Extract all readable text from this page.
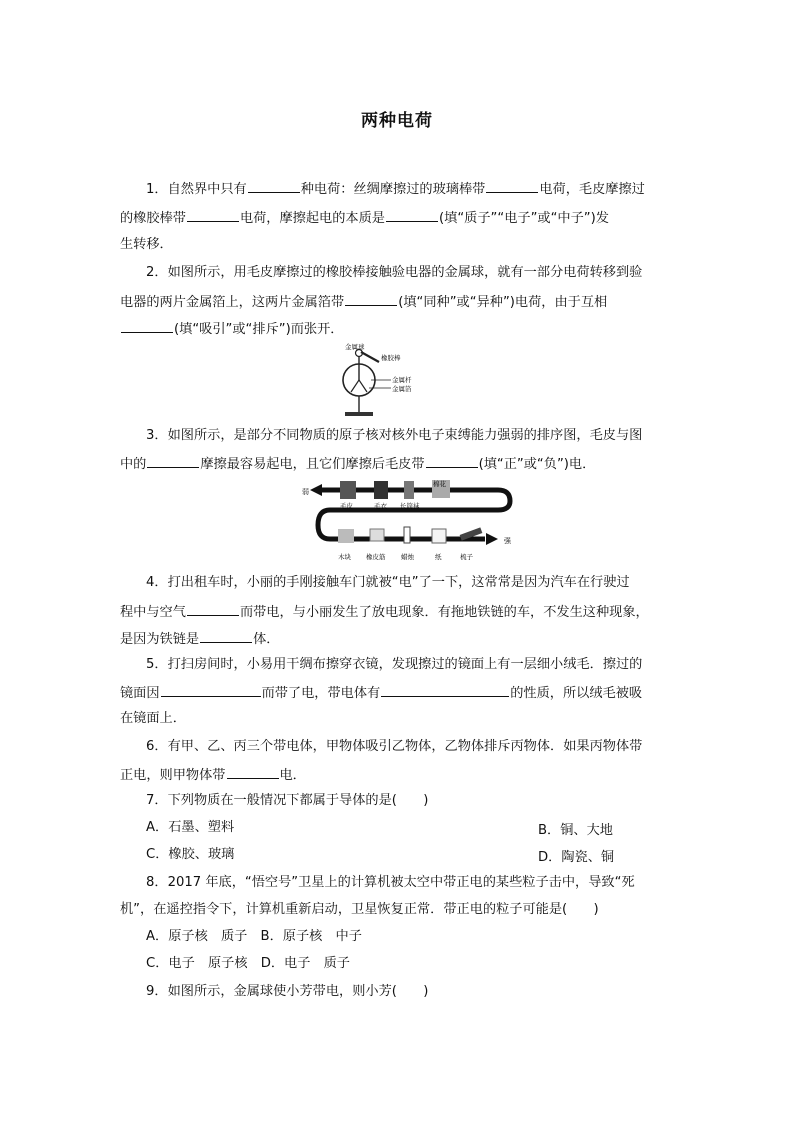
两种电荷
1．自然界中只有	种电荷：丝绸摩擦过的玻璃棒带	电荷，毛皮摩擦过
的橡胶棒带	电荷，摩擦起电的本质是	(填“质子”“电子”或“中子”)发
生转移．
2．如图所示，用毛皮摩擦过的橡胶棒接触验电器的金属球，就有一部分电荷转移到验
电器的两片金属箔上，这两片金属箔带	(填“同种”或“异种”)电荷，由于互相
(填“吸引”或“排斥”)而张开．
金属球
橡胶棒
金属杆
金属箔
3．如图所示，是部分不同物质的原子核对核外电子束缚能力强弱的排序图，毛皮与图
中的	摩擦最容易起电，且它们摩擦后毛皮带	(填“正”或“负”)电．
弱
强
毛皮	毛衣 长筒袜
棉花
木块 橡皮筋 蜡烛	纸	梳子
4．打出租车时，小丽的手刚接触车门就被“电”了一下，这常常是因为汽车在行驶过
程中与空气	而带电，与小丽发生了放电现象．有拖地铁链的车，不发生这种现象，
是因为铁链是	体．
5．打扫房间时，小易用干绸布擦穿衣镜，发现擦过的镜面上有一层细小绒毛．擦过的
镜面因	而带了电，带电体有	的性质，所以绒毛被吸
在镜面上．
6．有甲、乙、丙三个带电体，甲物体吸引乙物体，乙物体排斥丙物体．如果丙物体带
正电，则甲物体带	电．
7．下列物质在一般情况下都属于导体的是(　　)
A．石墨、塑料	B．铜、大地
C．橡胶、玻璃	D．陶瓷、铜
8．2017 年底，“悟空号”卫星上的计算机被太空中带正电的某些粒子击中，导致“死
机”，在遥控指令下，计算机重新启动，卫星恢复正常．带正电的粒子可能是(　　)
A．原子核　质子　B．原子核　中子
C．电子　原子核　D．电子　质子
9．如图所示，金属球使小芳带电，则小芳(　　)
